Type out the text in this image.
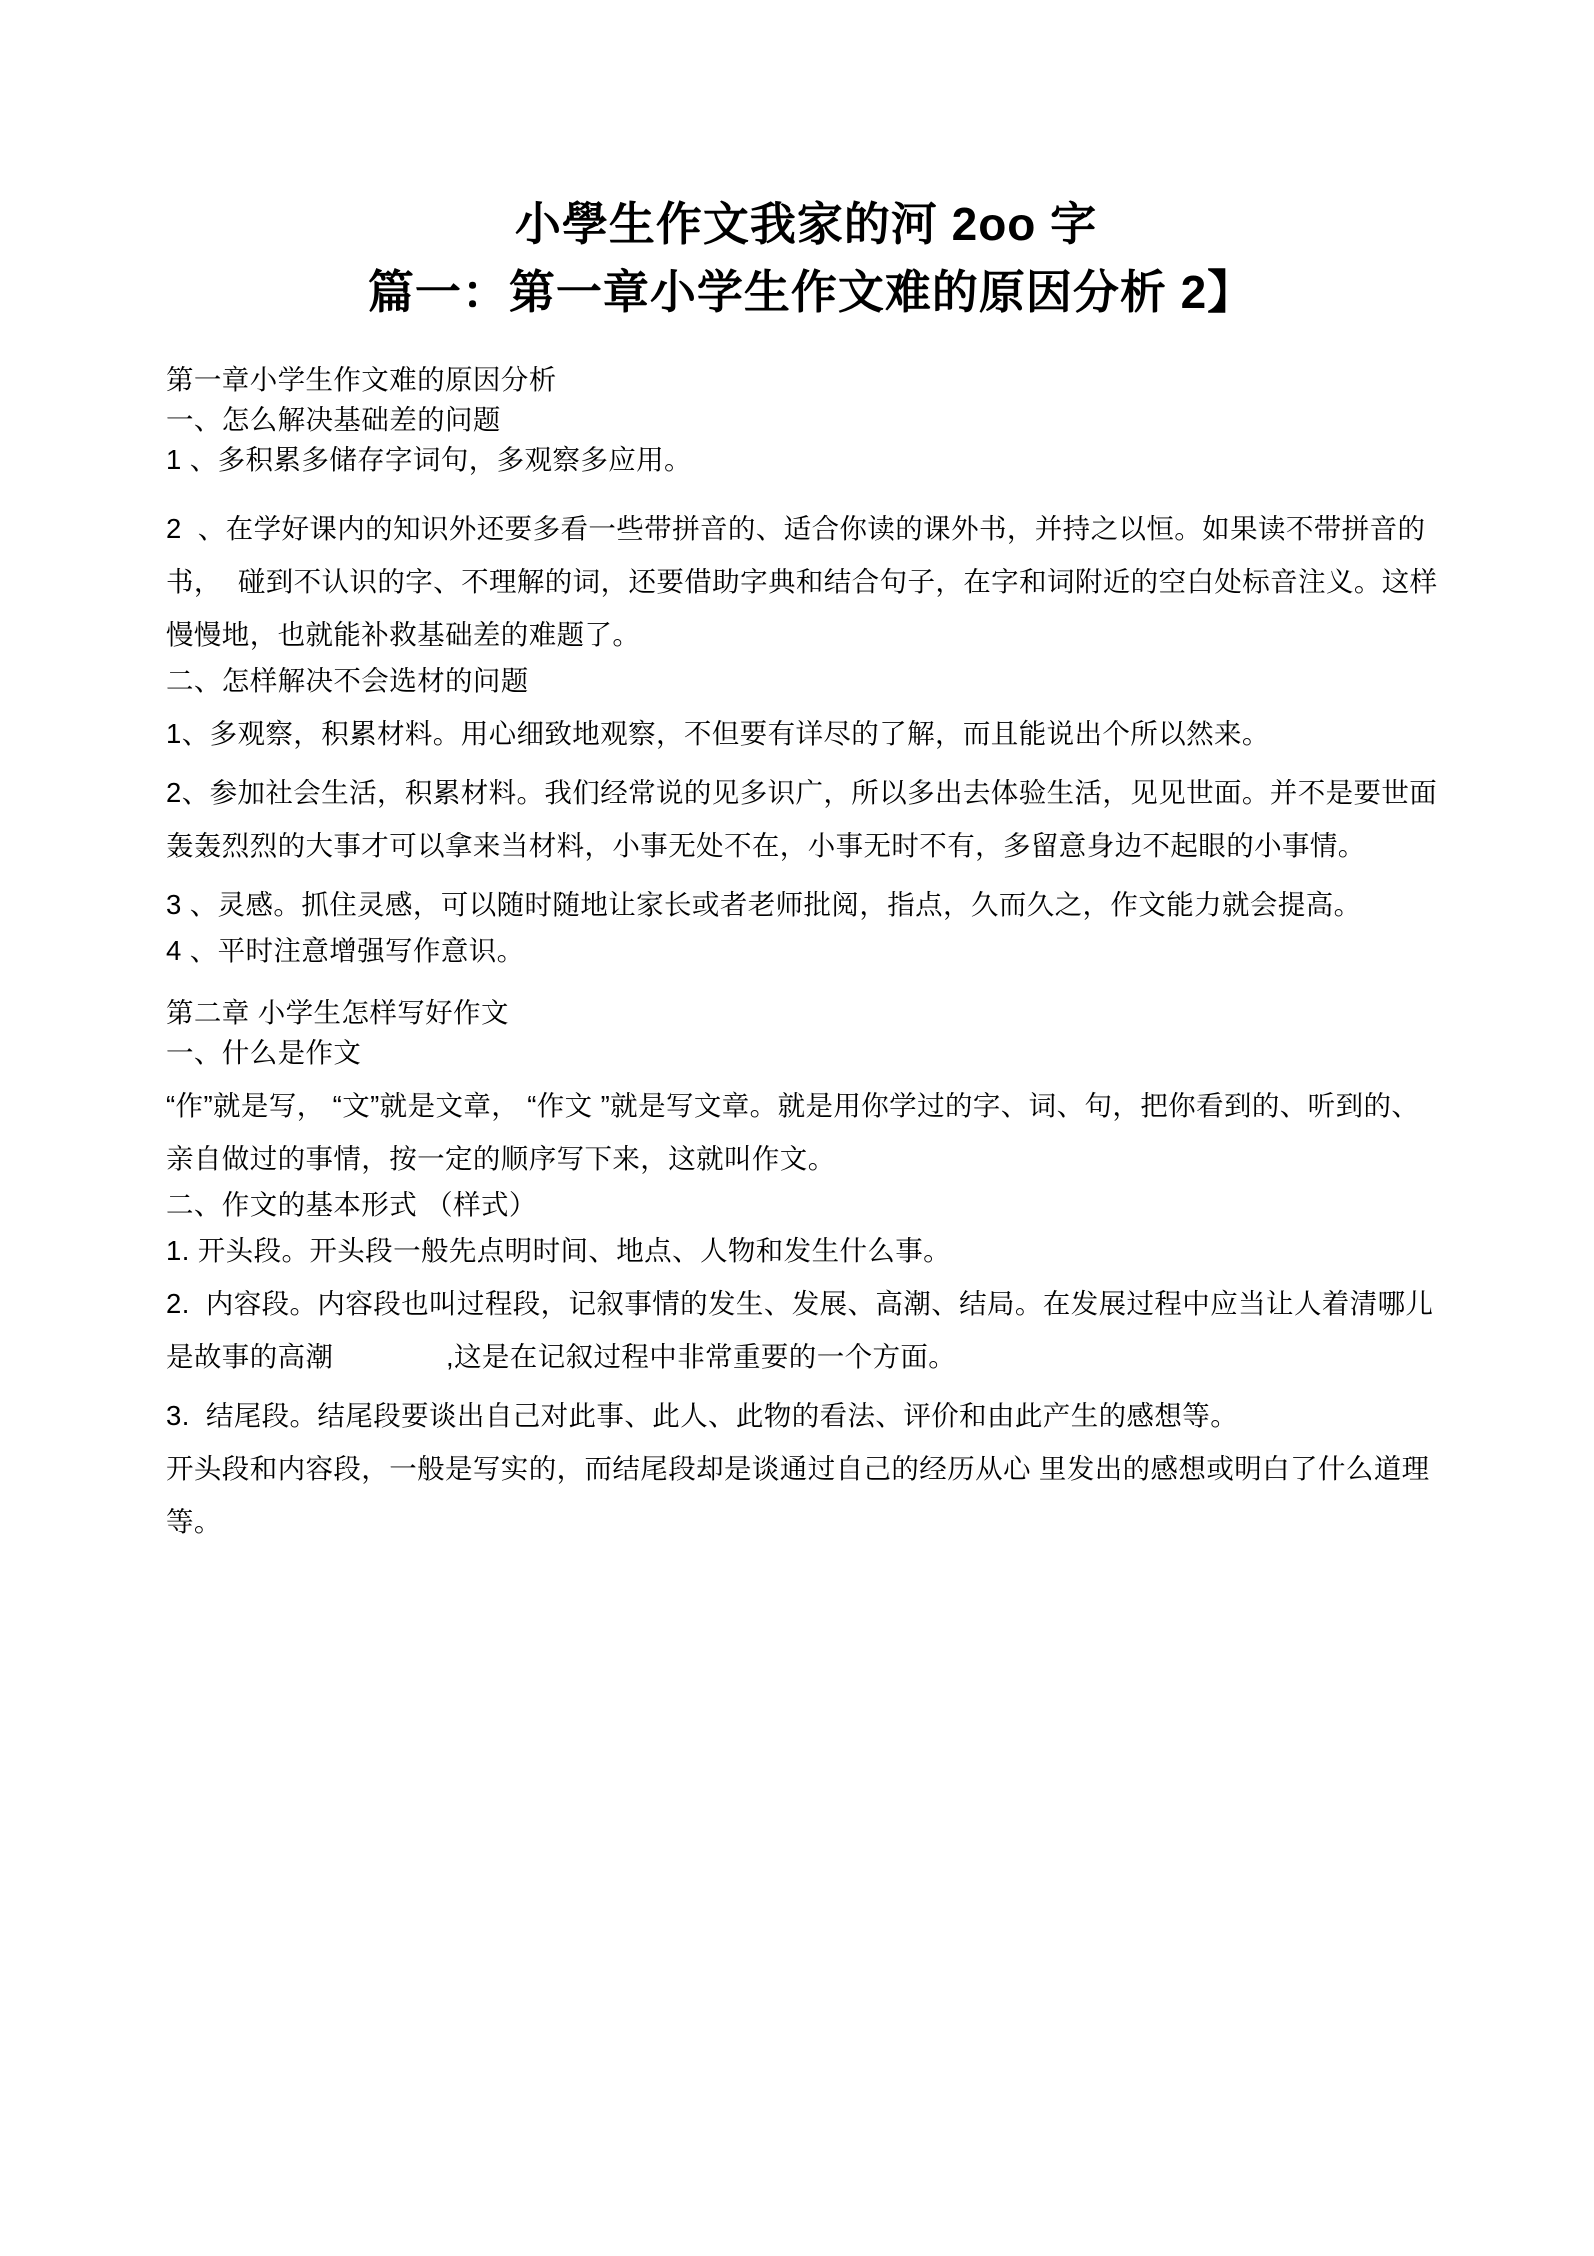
小學生作文我家的河 2oo 字
篇一：第一章小学生作文难的原因分析 2】

第一章小学生作文难的原因分析

一、怎么解决基础差的问题

1 、多积累多储存字词句，多观察多应用。

2  、在学好课内的知识外还要多看一些带拼音的、适合你读的课外书，并持之以恒。如果读不带拼音的书，  碰到不认识的字、不理解的词，还要借助字典和结合句子，在字和词附近的空白处标音注义。这样慢慢地，也就能补救基础差的难题了。

二、怎样解决不会选材的问题

1、多观察，积累材料。用心细致地观察，不但要有详尽的了解，而且能说出个所以然来。

2、参加社会生活，积累材料。我们经常说的见多识广，所以多出去体验生活，见见世面。并不是要世面轰轰烈烈的大事才可以拿来当材料，小事无处不在，小事无时不有，多留意身边不起眼的小事情。

3 、灵感。抓住灵感，可以随时随地让家长或者老师批阅，指点，久而久之，作文能力就会提高。

4 、平时注意增强写作意识。

第二章 小学生怎样写好作文

一、什么是作文

“作”就是写， “文”就是文章， “作文 ”就是写文章。就是用你学过的字、词、句，把你看到的、听到的、亲自做过的事情，按一定的顺序写下来，这就叫作文。

二、作文的基本形式 （样式）

1. 开头段。开头段一般先点明时间、地点、人物和发生什么事。

2.  内容段。内容段也叫过程段，记叙事情的发生、发展、高潮、结局。在发展过程中应当让人着清哪儿是故事的高潮              ,这是在记叙过程中非常重要的一个方面。

3.  结尾段。结尾段要谈出自己对此事、此人、此物的看法、评价和由此产生的感想等。

开头段和内容段，一般是写实的，而结尾段却是谈通过自己的经历从心 里发出的感想或明白了什么道理等。
